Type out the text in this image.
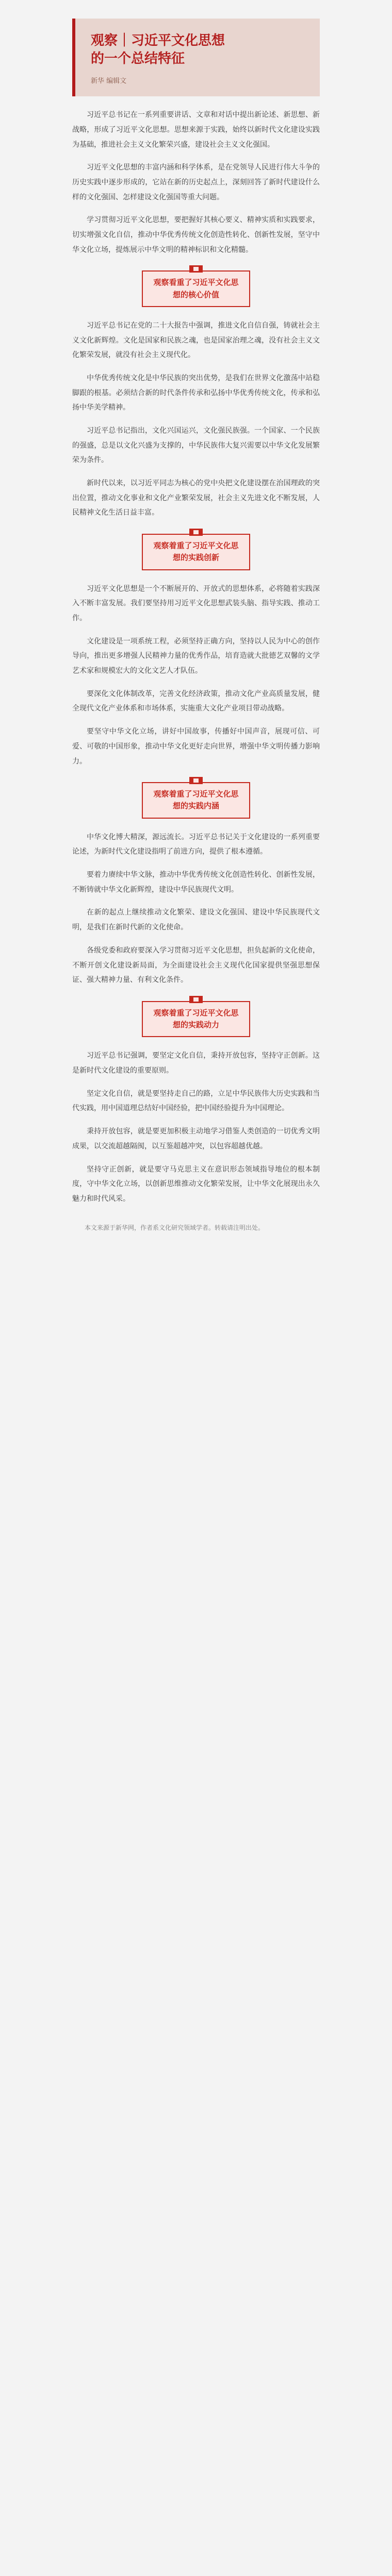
观察｜习近平文化思想
的一个总结特征
新华 编辑文

习近平总书记在一系列重要讲话、文章和对话中提出新论述、新思想、新战略，形成了习近平文化思想。思想来源于实践，始终以新时代文化建设实践为基础，推进社会主义文化繁荣兴盛，建设社会主义文化强国。

习近平文化思想的丰富内涵和科学体系，是在党领导人民进行伟大斗争的历史实践中逐步形成的，它站在新的历史起点上，深刻回答了新时代建设什么样的文化强国、怎样建设文化强国等重大问题。

学习贯彻习近平文化思想，要把握好其核心要义、精神实质和实践要求，切实增强文化自信，推动中华优秀传统文化创造性转化、创新性发展，坚守中华文化立场，提炼展示中华文明的精神标识和文化精髓。

观察看重了习近平文化思想的核心价值

习近平总书记在党的二十大报告中强调，推进文化自信自强，铸就社会主义文化新辉煌。文化是国家和民族之魂，也是国家治理之魂，没有社会主义文化繁荣发展，就没有社会主义现代化。

中华优秀传统文化是中华民族的突出优势，是我们在世界文化激荡中站稳脚跟的根基。必须结合新的时代条件传承和弘扬中华优秀传统文化，传承和弘扬中华美学精神。

习近平总书记指出，文化兴国运兴，文化强民族强。一个国家、一个民族的强盛，总是以文化兴盛为支撑的，中华民族伟大复兴需要以中华文化发展繁荣为条件。

新时代以来，以习近平同志为核心的党中央把文化建设摆在治国理政的突出位置，推动文化事业和文化产业繁荣发展，社会主义先进文化不断发展，人民精神文化生活日益丰富。

观察着重了习近平文化思想的实践创新

习近平文化思想是一个不断展开的、开放式的思想体系，必将随着实践深入不断丰富发展。我们要坚持用习近平文化思想武装头脑、指导实践、推动工作。

文化建设是一项系统工程，必须坚持正确方向，坚持以人民为中心的创作导向，推出更多增强人民精神力量的优秀作品，培育造就大批德艺双馨的文学艺术家和规模宏大的文化文艺人才队伍。

要深化文化体制改革，完善文化经济政策，推动文化产业高质量发展，健全现代文化产业体系和市场体系，实施重大文化产业项目带动战略。

要坚守中华文化立场，讲好中国故事，传播好中国声音，展现可信、可爱、可敬的中国形象，推动中华文化更好走向世界，增强中华文明传播力影响力。

观察着重了习近平文化思想的实践内涵

中华文化博大精深，源远流长。习近平总书记关于文化建设的一系列重要论述，为新时代文化建设指明了前进方向，提供了根本遵循。

要着力赓续中华文脉，推动中华优秀传统文化创造性转化、创新性发展，不断铸就中华文化新辉煌，建设中华民族现代文明。

在新的起点上继续推动文化繁荣、建设文化强国、建设中华民族现代文明，是我们在新时代新的文化使命。

各级党委和政府要深入学习贯彻习近平文化思想，担负起新的文化使命，不断开创文化建设新局面，为全面建设社会主义现代化国家提供坚强思想保证、强大精神力量、有利文化条件。

观察着重了习近平文化思想的实践动力

习近平总书记强调，要坚定文化自信，秉持开放包容，坚持守正创新。这是新时代文化建设的重要原则。

坚定文化自信，就是要坚持走自己的路，立足中华民族伟大历史实践和当代实践，用中国道理总结好中国经验，把中国经验提升为中国理论。

秉持开放包容，就是要更加积极主动地学习借鉴人类创造的一切优秀文明成果，以交流超越隔阂，以互鉴超越冲突，以包容超越优越。

坚持守正创新，就是要守马克思主义在意识形态领域指导地位的根本制度，守中华文化立场，以创新思维推动文化繁荣发展，让中华文化展现出永久魅力和时代风采。

本文来源于新华网，作者系文化研究领域学者。转载请注明出处。
